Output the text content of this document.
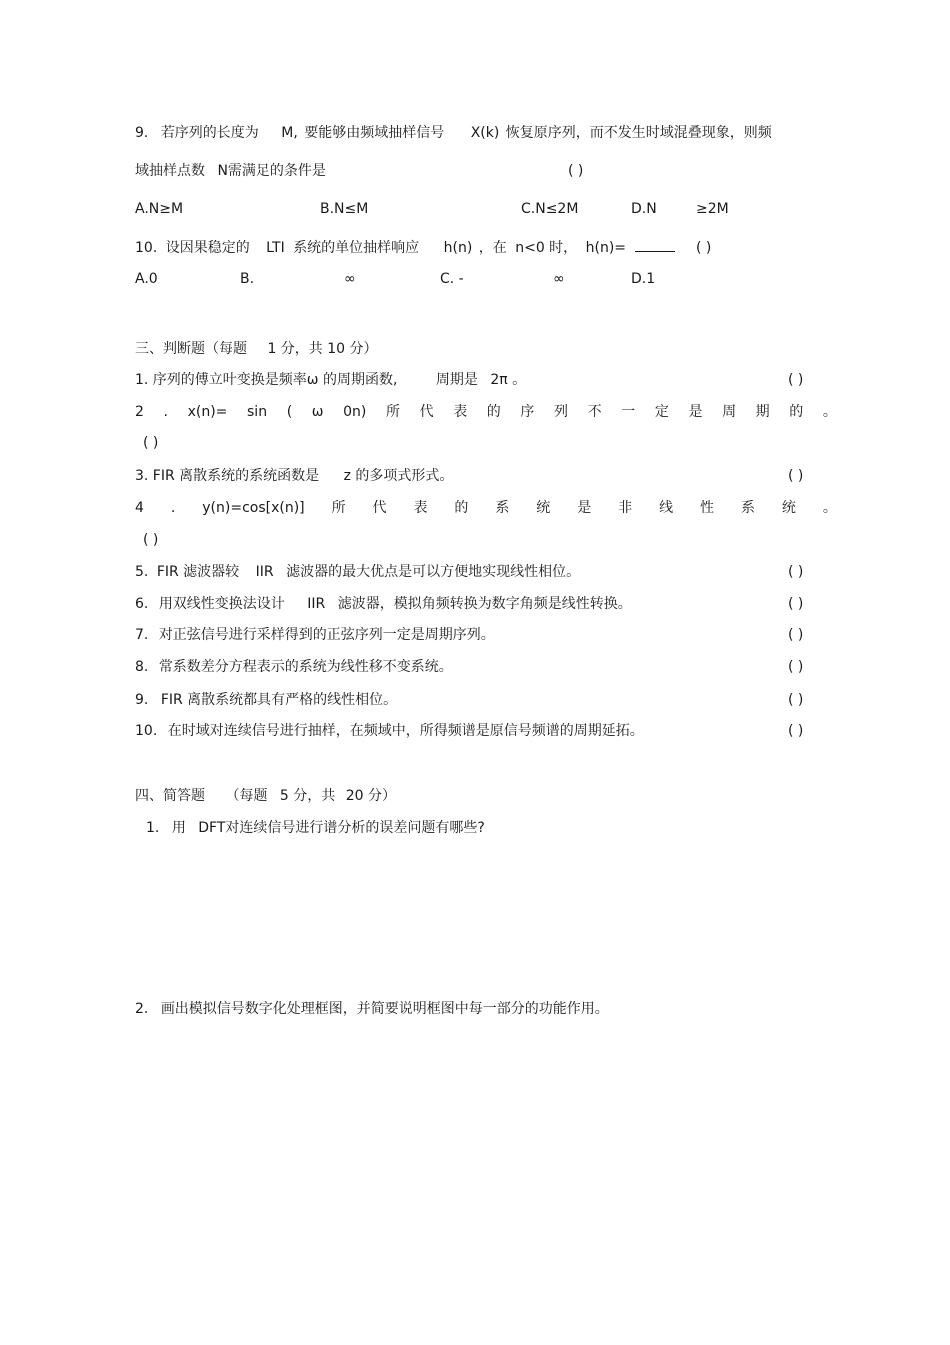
9. 若序列的长度为 M, 要能够由频域抽样信号 X(k) 恢复原序列，而不发生时域混叠现象，则频
域抽样点数 N需满足的条件是	( )
A.N≥M	B.N≤M	C.N≤2M	D.N	≥2M
10. 设因果稳定的 LTI 系统的单位抽样响应 h(n) ，在 n<0 时， h(n)=	( )
A.0	B.	∞	C. -	∞	D.1
三、判断题（每题 1 分，共 10 分）
1. 序列的傅立叶变换是频率ω 的周期函数,	周期是 2π 。	( )
2 . x(n)= sin ( ω 0n) 所 代 表 的 序 列 不 一 定 是 周 期 的 。
( )
3. FIR 离散系统的系统函数是 z 的多项式形式。	( )
4 . y(n)=cos[x(n)] 所 代 表 的 系 统 是 非 线 性 系 统 。
( )
5. FIR 滤波器较 IIR 滤波器的最大优点是可以方便地实现线性相位。	( )
6. 用双线性变换法设计 IIR 滤波器，模拟角频转换为数字角频是线性转换。	( )
7. 对正弦信号进行采样得到的正弦序列一定是周期序列。	( )
8. 常系数差分方程表示的系统为线性移不变系统。	( )
9. FIR 离散系统都具有严格的线性相位。	( )
10. 在时域对连续信号进行抽样，在频域中，所得频谱是原信号频谱的周期延拓。	( )
四、简答题 （每题 5 分，共 20 分）
1. 用 DFT对连续信号进行谱分析的误差问题有哪些?
2. 画出模拟信号数字化处理框图，并简要说明框图中每一部分的功能作用。
